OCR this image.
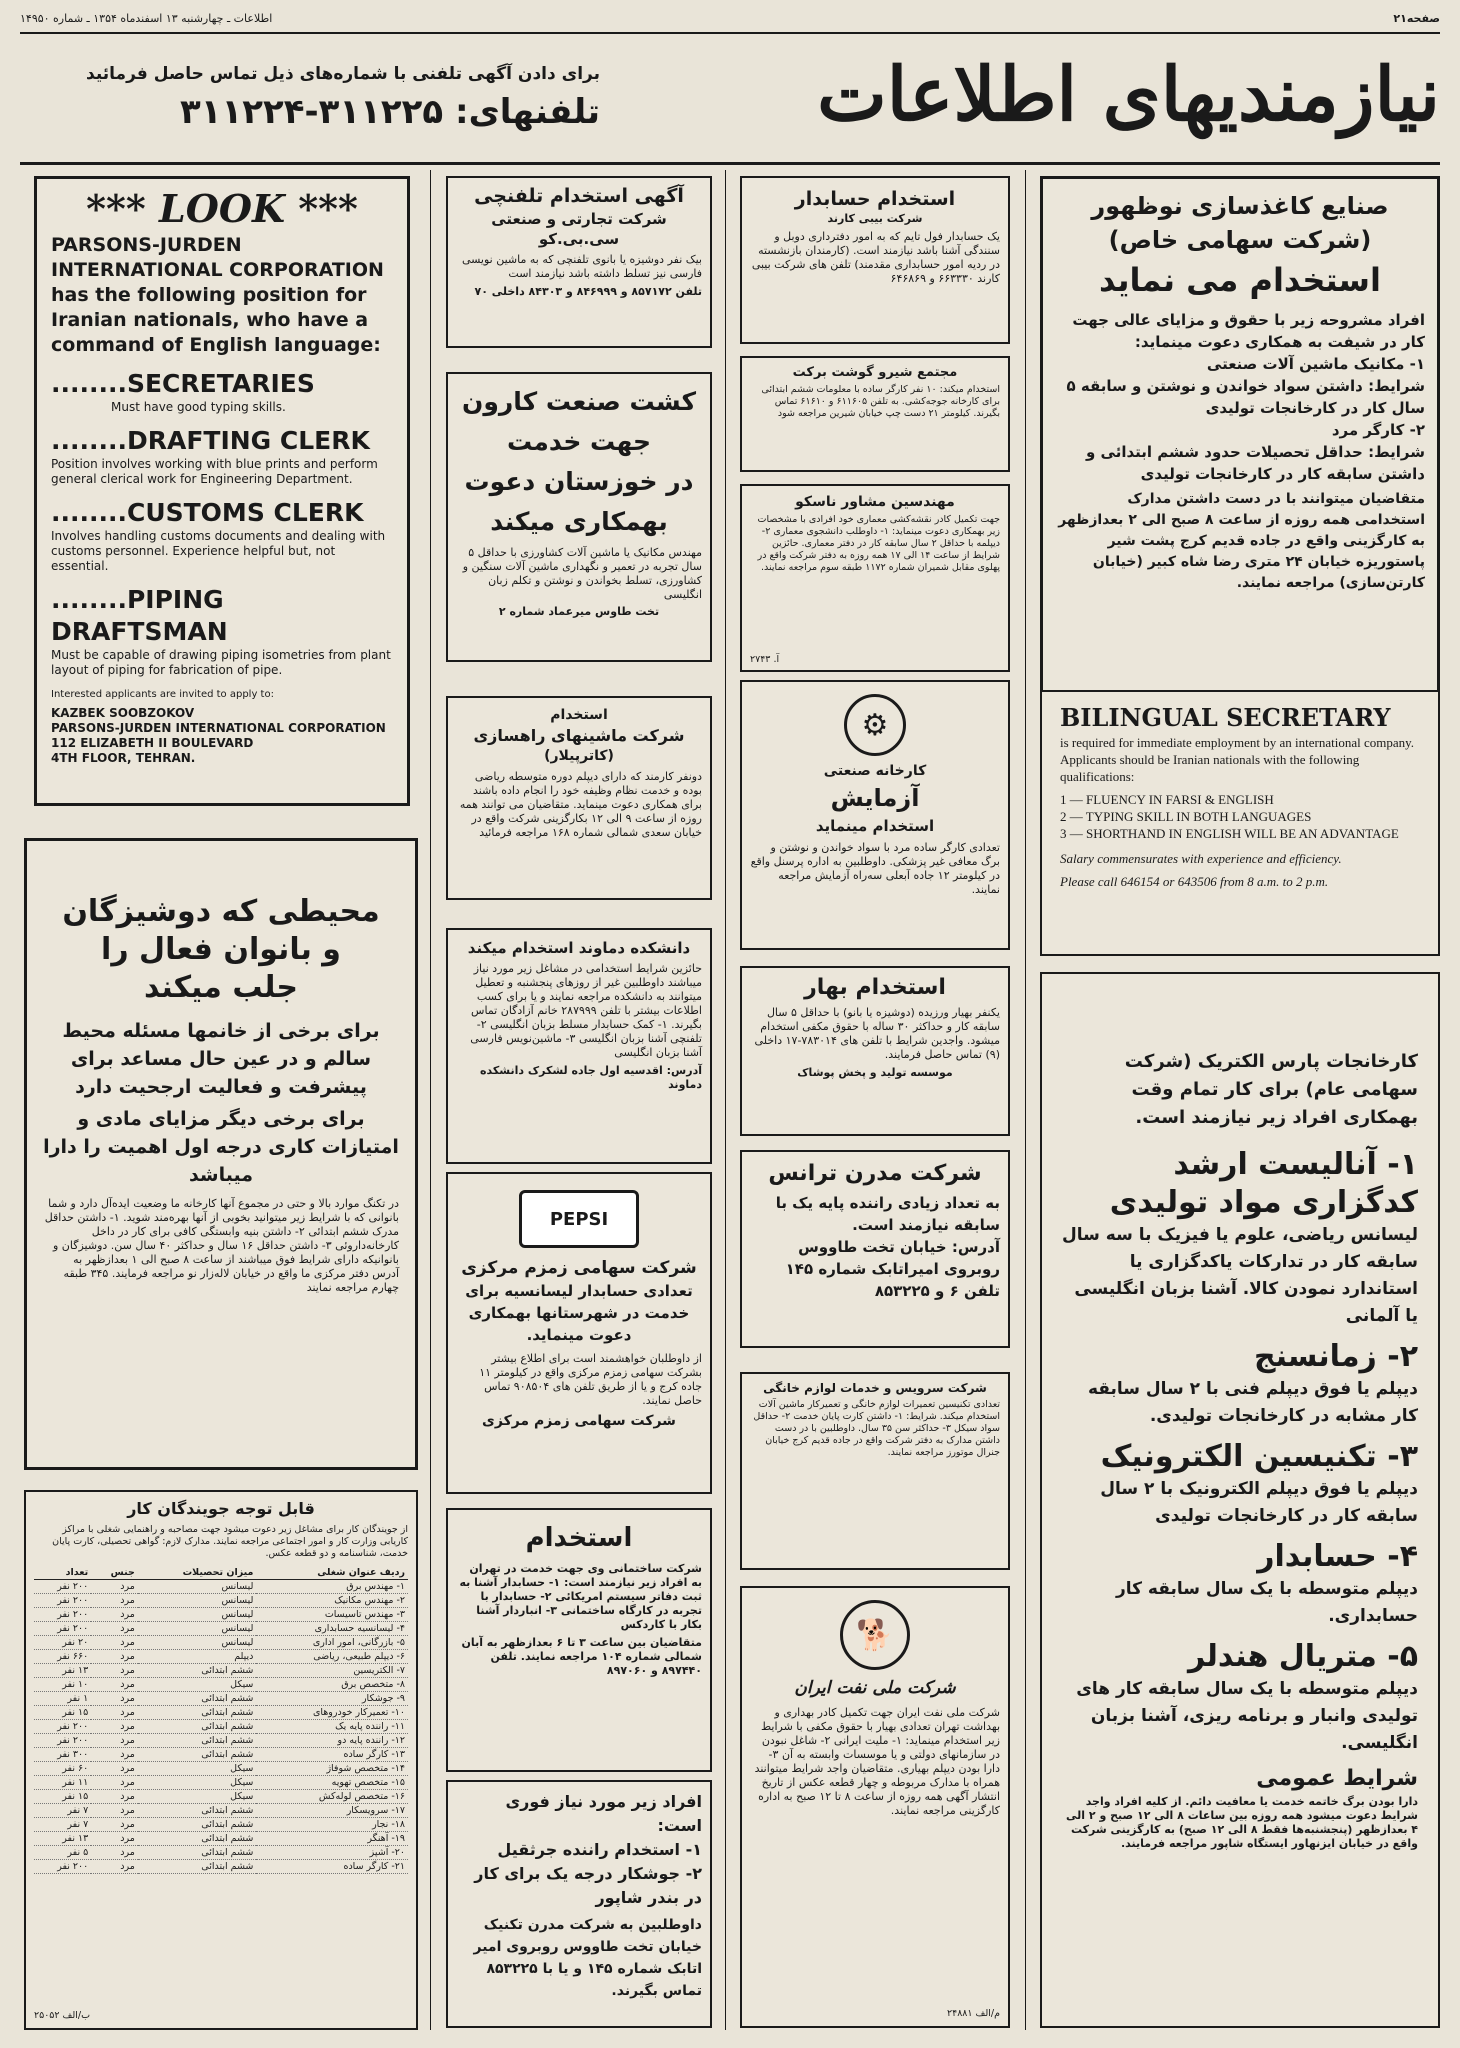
صفحه۲۱
اطلاعات ـ چهارشنبه ۱۳ اسفندماه ۱۳۵۴ ـ شماره ۱۴۹۵۰
نیازمندیهای اطلاعات
برای دادن آگهی تلفنی با شماره‌های ذیل تماس حاصل فرمائید
تلفنهای: ۳۱۱۲۲۵-۳۱۱۲۲۴
*** LOOK ***
PARSONS-JURDEN INTERNATIONAL CORPORATION has the following position for Iranian nationals, who have a command of English language:
........SECRETARIES
Must have good typing skills.
........DRAFTING CLERK
Position involves working with blue prints and perform general clerical work for Engineering Department.
........CUSTOMS CLERK
Involves handling customs documents and dealing with customs personnel. Experience helpful but, not essential.
........PIPING DRAFTSMAN
Must be capable of drawing piping isometries from plant layout of piping for fabrication of pipe.
Interested applicants are invited to apply to:
KAZBEK SOOBZOKOV
PARSONS-JURDEN INTERNATIONAL CORPORATION
112 ELIZABETH II BOULEVARD
4TH FLOOR, TEHRAN.
محیطی که دوشیزگان
و بانوان فعال را
جلب میکند
برای برخی از خانمها مسئله محیط سالم و در عین حال مساعد برای پیشرفت و فعالیت ارجحیت دارد
برای برخی دیگر مزایای مادی و امتیازات کاری درجه اول اهمیت را دارا میباشد
در تکنگ موارد بالا و حتی در مجموع آنها کارخانه ما وضعیت ایده‌آل دارد و شما بانوانی که با شرایط زیر میتوانید بخوبی از آنها بهره‌مند شوید. ۱- داشتن حداقل مدرک ششم ابتدائی ۲- داشتن بنیه وابستگی کافی برای کار در داخل کارخانه‌داروئی ۳- داشتن حداقل ۱۶ سال و حداکثر ۴۰ سال سن. دوشیزگان و بانوانیکه دارای شرایط فوق میباشند از ساعت ۸ صبح الی ۱ بعدازظهر به آدرس دفتر مرکزی ما واقع در خیابان لاله‌زار نو مراجعه فرمایند. ۳۴۵ طبقه چهارم مراجعه نمایند
قابل توجه جویندگان کار
از جویندگان کار برای مشاغل زیر دعوت میشود جهت مصاحبه و راهنمایی شغلی با مراکز کاریابی وزارت کار و امور اجتماعی مراجعه نمایند. مدارک لازم: گواهی تحصیلی، کارت پایان خدمت، شناسنامه و دو قطعه عکس.
ردیف عنوان شغلی	میزان تحصیلات	جنس	تعداد
۱- مهندس برق	لیسانس	مرد	۲۰۰ نفر
۲- مهندس مکانیک	لیسانس	مرد	۲۰۰ نفر
۳- مهندس تاسیسات	لیسانس	مرد	۲۰۰ نفر
۴- لیسانسیه حسابداری	لیسانس	مرد	۲۰۰ نفر
۵- بازرگانی، امور اداری	لیسانس	مرد	۲۰ نفر
۶- دیپلم طبیعی، ریاضی	دیپلم	مرد	۶۶۰ نفر
۷- الکتریسین	ششم ابتدائی	مرد	۱۳ نفر
۸- متخصص برق	سیکل	مرد	۱۰ نفر
۹- جوشکار	ششم ابتدائی	مرد	۱ نفر
۱۰- تعمیرکار خودروهای	ششم ابتدائی	مرد	۱۵ نفر
۱۱- راننده پایه یک	ششم ابتدائی	مرد	۲۰۰ نفر
۱۲- راننده پایه دو	ششم ابتدائی	مرد	۲۰۰ نفر
۱۳- کارگر ساده	ششم ابتدائی	مرد	۳۰۰ نفر
۱۴- متخصص شوفاژ	سیکل	مرد	۶۰ نفر
۱۵- متخصص تهویه	سیکل	مرد	۱۱ نفر
۱۶- متخصص لوله‌کش	سیکل	مرد	۱۵ نفر
۱۷- سرویسکار	ششم ابتدائی	مرد	۷ نفر
۱۸- نجار	ششم ابتدائی	مرد	۷ نفر
۱۹- آهنگر	ششم ابتدائی	مرد	۱۳ نفر
۲۰- آشپز	ششم ابتدائی	مرد	۵ نفر
۲۱- کارگر ساده	ششم ابتدائی	مرد	۲۰۰ نفر
ب/الف ۲۵۰۵۲
آگهی استخدام تلفنچی
شرکت تجارتی و صنعتی
سی.بی.کو
بیک نفر دوشیزه یا بانوی تلفنچی که به ماشین نویسی فارسی نیز تسلط داشته باشد نیازمند است
تلفن ۸۵۷۱۷۲ و ۸۴۶۹۹۹ و ۸۴۳۰۳ داخلی ۷۰
کشت صنعت کارون
جهت خدمت
در خوزستان دعوت
بهمکاری میکند
مهندس مکانیک یا ماشین آلات کشاورزی با حداقل ۵ سال تجربه در تعمیر و نگهداری ماشین آلات سنگین و کشاورزی، تسلط بخواندن و نوشتن و تکلم زبان انگلیسی
تخت طاوس میرعماد شماره ۲
استخدام
شرکت ماشینهای راهسازی
(کاترپیلار)
دونفر کارمند که دارای دیپلم دوره متوسطه ریاضی بوده و خدمت نظام وظیفه خود را انجام داده باشند برای همکاری دعوت مینماید. متقاضیان می توانند همه روزه از ساعت ۹ الی ۱۲ بکارگزینی شرکت واقع در خیابان سعدی شمالی شماره ۱۶۸ مراجعه فرمائید
دانشکده دماوند استخدام میکند
حائزین شرایط استخدامی در مشاغل زیر مورد نیاز میباشند داوطلبین غیر از روزهای پنجشنبه و تعطیل میتوانند به دانشکده مراجعه نمایند و یا برای کسب اطلاعات بیشتر با تلفن ۲۸۷۹۹۹ خانم آزادگان تماس بگیرند. ۱- کمک حسابدار مسلط بزبان انگلیسی ۲- تلفنچی آشنا بزبان انگلیسی ۳- ماشین‌نویس فارسی آشنا بزبان انگلیسی
آدرس: اقدسیه اول جاده لشکرک دانشکده دماوند
PEPSI
شرکت سهامی زمزم مرکزی
تعدادی حسابدار لیسانسیه برای خدمت در شهرستانها بهمکاری دعوت مینماید.
از داوطلبان خواهشمند است برای اطلاع بیشتر بشرکت سهامی زمزم مرکزی واقع در کیلومتر ۱۱ جاده کرج و یا از طریق تلفن های ۹۰۸۵۰۴ تماس حاصل نمایند.
شرکت سهامی زمزم مرکزی
استخدام
شرکت ساختمانی وی جهت خدمت در تهران به افراد زیر نیازمند است: ۱- حسابدار آشنا به ثبت دفاتر سیستم امریکائی ۲- حسابدار با تجربه در کارگاه ساختمانی ۳- انباردار آشنا بکار با کاردکس
متقاضیان بین ساعت ۳ تا ۶ بعدازظهر به آبان شمالی شماره ۱۰۴ مراجعه نمایند. تلفن ۸۹۷۴۴۰ و ۸۹۷۰۶۰
افراد زیر مورد نیاز فوری است:
۱- استخدام راننده جرثقیل
۲- جوشکار درجه یک برای کار در بندر شاپور
داوطلبین به شرکت مدرن تکنیک خیابان تخت طاووس روبروی امیر اتابک شماره ۱۴۵ و یا با ۸۵۳۲۲۵ تماس بگیرند.
استخدام حسابدار
شرکت بیبی کارند
یک حسابدار فول تایم که به امور دفترداری دوبل و سنندگی آشنا باشد نیازمند است. (کارمندان بازنشسته در ردیه امور حسابداری مقدمند) تلفن های شرکت بیبی کارند ۶۶۳۳۳۰ و ۶۴۶۸۶۹
مجتمع شیرو گوشت برکت
استخدام میکند: ۱۰ نفر کارگر ساده با معلومات ششم ابتدائی برای کارخانه جوجه‌کشی. به تلفن ۶۱۱۶۰۵ و ۶۱۶۱۰ تماس بگیرند. کیلومتر ۲۱ دست چپ خیابان شیرین مراجعه شود
مهندسین مشاور ناسکو
جهت تکمیل کادر نقشه‌کشی معماری خود افرادی با مشخصات زیر بهمکاری دعوت مینماید: ۱- داوطلب دانشجوی معماری ۲- دیپلمه با حداقل ۲ سال سابقه کار در دفتر معماری. حائزین شرایط از ساعت ۱۴ الی ۱۷ همه روزه به دفتر شرکت واقع در پهلوی مقابل شمیران شماره ۱۱۷۲ طبقه سوم مراجعه نمایند.
آ. ۲۷۴۳
⚙
کارخانه صنعتی
آزمایش
استخدام مینماید
تعدادی کارگر ساده مرد با سواد خواندن و نوشتن و برگ معافی غیر پزشکی. داوطلبین به اداره پرسنل واقع در کیلومتر ۱۲ جاده آبعلی سه‌راه آزمایش مراجعه نمایند.
استخدام بهار
یکنفر بهیار ورزیده (دوشیزه یا بانو) با حداقل ۵ سال سابقه کار و حداکثر ۳۰ ساله با حقوق مکفی استخدام میشود. واجدین شرایط با تلفن های ۷۸۳۰۱۴-۱۷ داخلی (۹) تماس حاصل فرمایند.
موسسه تولید و پخش پوشاک
شرکت مدرن ترانس
به تعداد زیادی راننده پایه یک با سابقه نیازمند است.
آدرس: خیابان تخت طاووس روبروی امیراتابک شماره ۱۴۵
تلفن ۶ و ۸۵۳۲۲۵
شرکت سرویس و خدمات لوازم خانگی
تعدادی تکنیسین تعمیرات لوازم خانگی و تعمیرکار ماشین آلات استخدام میکند. شرایط: ۱- داشتن کارت پایان خدمت ۲- حداقل سواد سیکل ۳- حداکثر سن ۳۵ سال. داوطلبین با در دست داشتن مدارک به دفتر شرکت واقع در جاده قدیم کرج خیابان جنرال موتورز مراجعه نمایند.
🐕
شرکت ملی نفت ایران
شرکت ملی نفت ایران جهت تکمیل کادر بهداری و بهداشت تهران تعدادی بهیار با حقوق مکفی با شرایط زیر استخدام مینماید: ۱- ملیت ایرانی ۲- شاغل نبودن در سازمانهای دولتی و یا موسسات وابسته به آن ۳- دارا بودن دیپلم بهیاری. متقاضیان واجد شرایط میتوانند همراه با مدارک مربوطه و چهار قطعه عکس از تاریخ انتشار آگهی همه روزه از ساعت ۸ تا ۱۲ صبح به اداره کارگزینی مراجعه نمایند.
م/الف ۲۴۸۸۱
صنایع کاغذسازی نوظهور
(شرکت سهامی خاص)
استخدام می نماید
افراد مشروحه زیر با حقوق و مزایای عالی جهت کار در شیفت به همکاری دعوت مینماید:
۱- مکانیک ماشین آلات صنعتی
شرایط: داشتن سواد خواندن و نوشتن و سابقه ۵ سال کار در کارخانجات تولیدی
۲- کارگر مرد
شرایط: حداقل تحصیلات حدود ششم ابتدائی و داشتن سابقه کار در کارخانجات تولیدی
متقاضیان میتوانند با در دست داشتن مدارک استخدامی همه روزه از ساعت ۸ صبح الی ۲ بعدازظهر به کارگزینی واقع در جاده قدیم کرج پشت شیر پاستوریزه خیابان ۲۴ متری رضا شاه کبیر (خیابان کارتن‌سازی) مراجعه نمایند.
BILINGUAL SECRETARY
is required for immediate employment by an international company.
Applicants should be Iranian nationals with the following qualifications:
1 — FLUENCY IN FARSI & ENGLISH
2 — TYPING SKILL IN BOTH LANGUAGES
3 — SHORTHAND IN ENGLISH WILL BE AN ADVANTAGE
Salary commensurates with experience and efficiency.
Please call 646154 or 643506 from 8 a.m. to 2 p.m.
کارخانجات پارس الکتریک (شرکت سهامی عام) برای کار تمام وقت بهمکاری افراد زیر نیازمند است.
۱- آنالیست ارشد
کدگزاری مواد تولیدی
لیسانس ریاضی، علوم یا فیزیک با سه سال سابقه کار در تدارکات یاکدگزاری یا استاندارد نمودن کالا. آشنا بزبان انگلیسی یا آلمانی
۲- زمانسنج
دیپلم یا فوق دیپلم فنی با ۲ سال سابقه کار مشابه در کارخانجات تولیدی.
۳- تکنیسین الکترونیک
دیپلم یا فوق دیپلم الکترونیک با ۲ سال سابقه کار در کارخانجات تولیدی
۴- حسابدار
دیپلم متوسطه با یک سال سابقه کار حسابداری.
۵- متریال هندلر
دیپلم متوسطه با یک سال سابقه کار های تولیدی وانبار و برنامه ریزی، آشنا بزبان انگلیسی.
شرایط عمومی
دارا بودن برگ خاتمه خدمت یا معافیت دائم. از کلیه افراد واجد شرایط دعوت میشود همه روزه بین ساعات ۸ الی ۱۲ صبح و ۲ الی ۴ بعدازظهر (پنجشنبه‌ها فقط ۸ الی ۱۲ صبح) به کارگزینی شرکت واقع در خیابان ایزنهاور ایستگاه شاپور مراجعه فرمایند.
